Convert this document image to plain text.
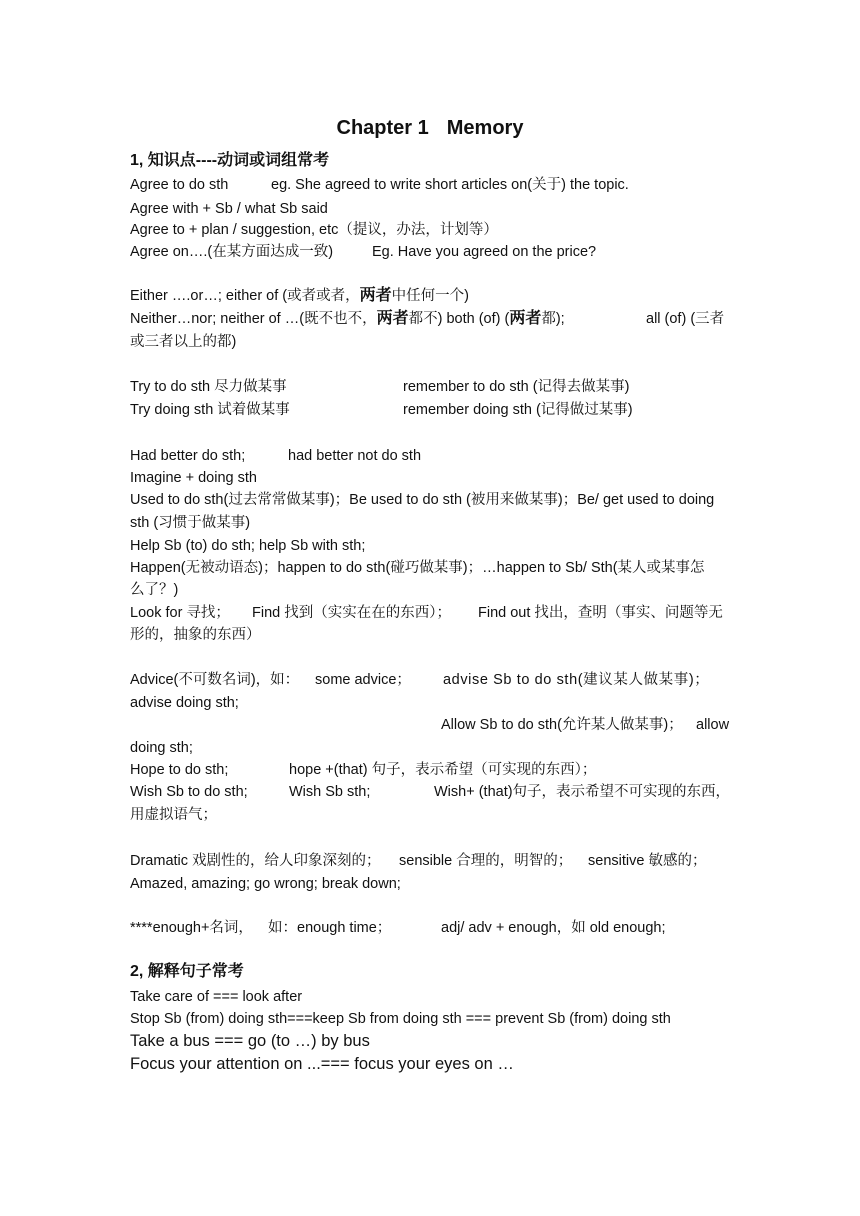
Chapter 1 Memory
1, 知识点----动词或词组常考
Agree to do sth	eg. She agreed to write short articles on(关于) the topic.
Agree with + Sb / what Sb said
Agree to + plan / suggestion, etc（提议，办法，计划等）
Agree on….(在某方面达成一致)	Eg. Have you agreed on the price?
Either ….or…; either of (或者或者，两者中任何一个)
Neither…nor; neither of …(既不也不，两者都不) both (of) (两者都);	all (of) (三者
或三者以上的都)
Try to do sth 尽力做某事	remember to do sth (记得去做某事)
Try doing sth 试着做某事	remember doing sth (记得做过某事)
Had better do sth;	had better not do sth
Imagine + doing sth
Used to do sth(过去常常做某事)；Be used to do sth (被用来做某事)；Be/ get used to doing
sth (习惯于做某事)
Help Sb (to) do sth; help Sb with sth;
Happen(无被动语态)；happen to do sth(碰巧做某事)；…happen to Sb/ Sth(某人或某事怎
么了？)
Look for 寻找； Find 找到（实实在在的东西）； Find out 找出，查明（事实、问题等无
形的，抽象的东西）
Advice(不可数名词)，如： some advice； advise Sb to do sth(建议某人做某事)；
advise doing sth;
Allow Sb to do sth(允许某人做某事)； allow
doing sth;
Hope to do sth;	hope +(that) 句子，表示希望（可实现的东西）；
Wish Sb to do sth;	Wish Sb sth;	Wish+ (that)句子，表示希望不可实现的东西，
用虚拟语气；
Dramatic 戏剧性的，给人印象深刻的； sensible 合理的，明智的； sensitive 敏感的；
Amazed, amazing; go wrong; break down;
****enough+名词， 如：enough time；	adj/ adv + enough，如 old enough;
2, 解释句子常考
Take care of === look after
Stop Sb (from) doing sth===keep Sb from doing sth === prevent Sb (from) doing sth
Take a bus === go (to …) by bus
Focus your attention on ...=== focus your eyes on …
